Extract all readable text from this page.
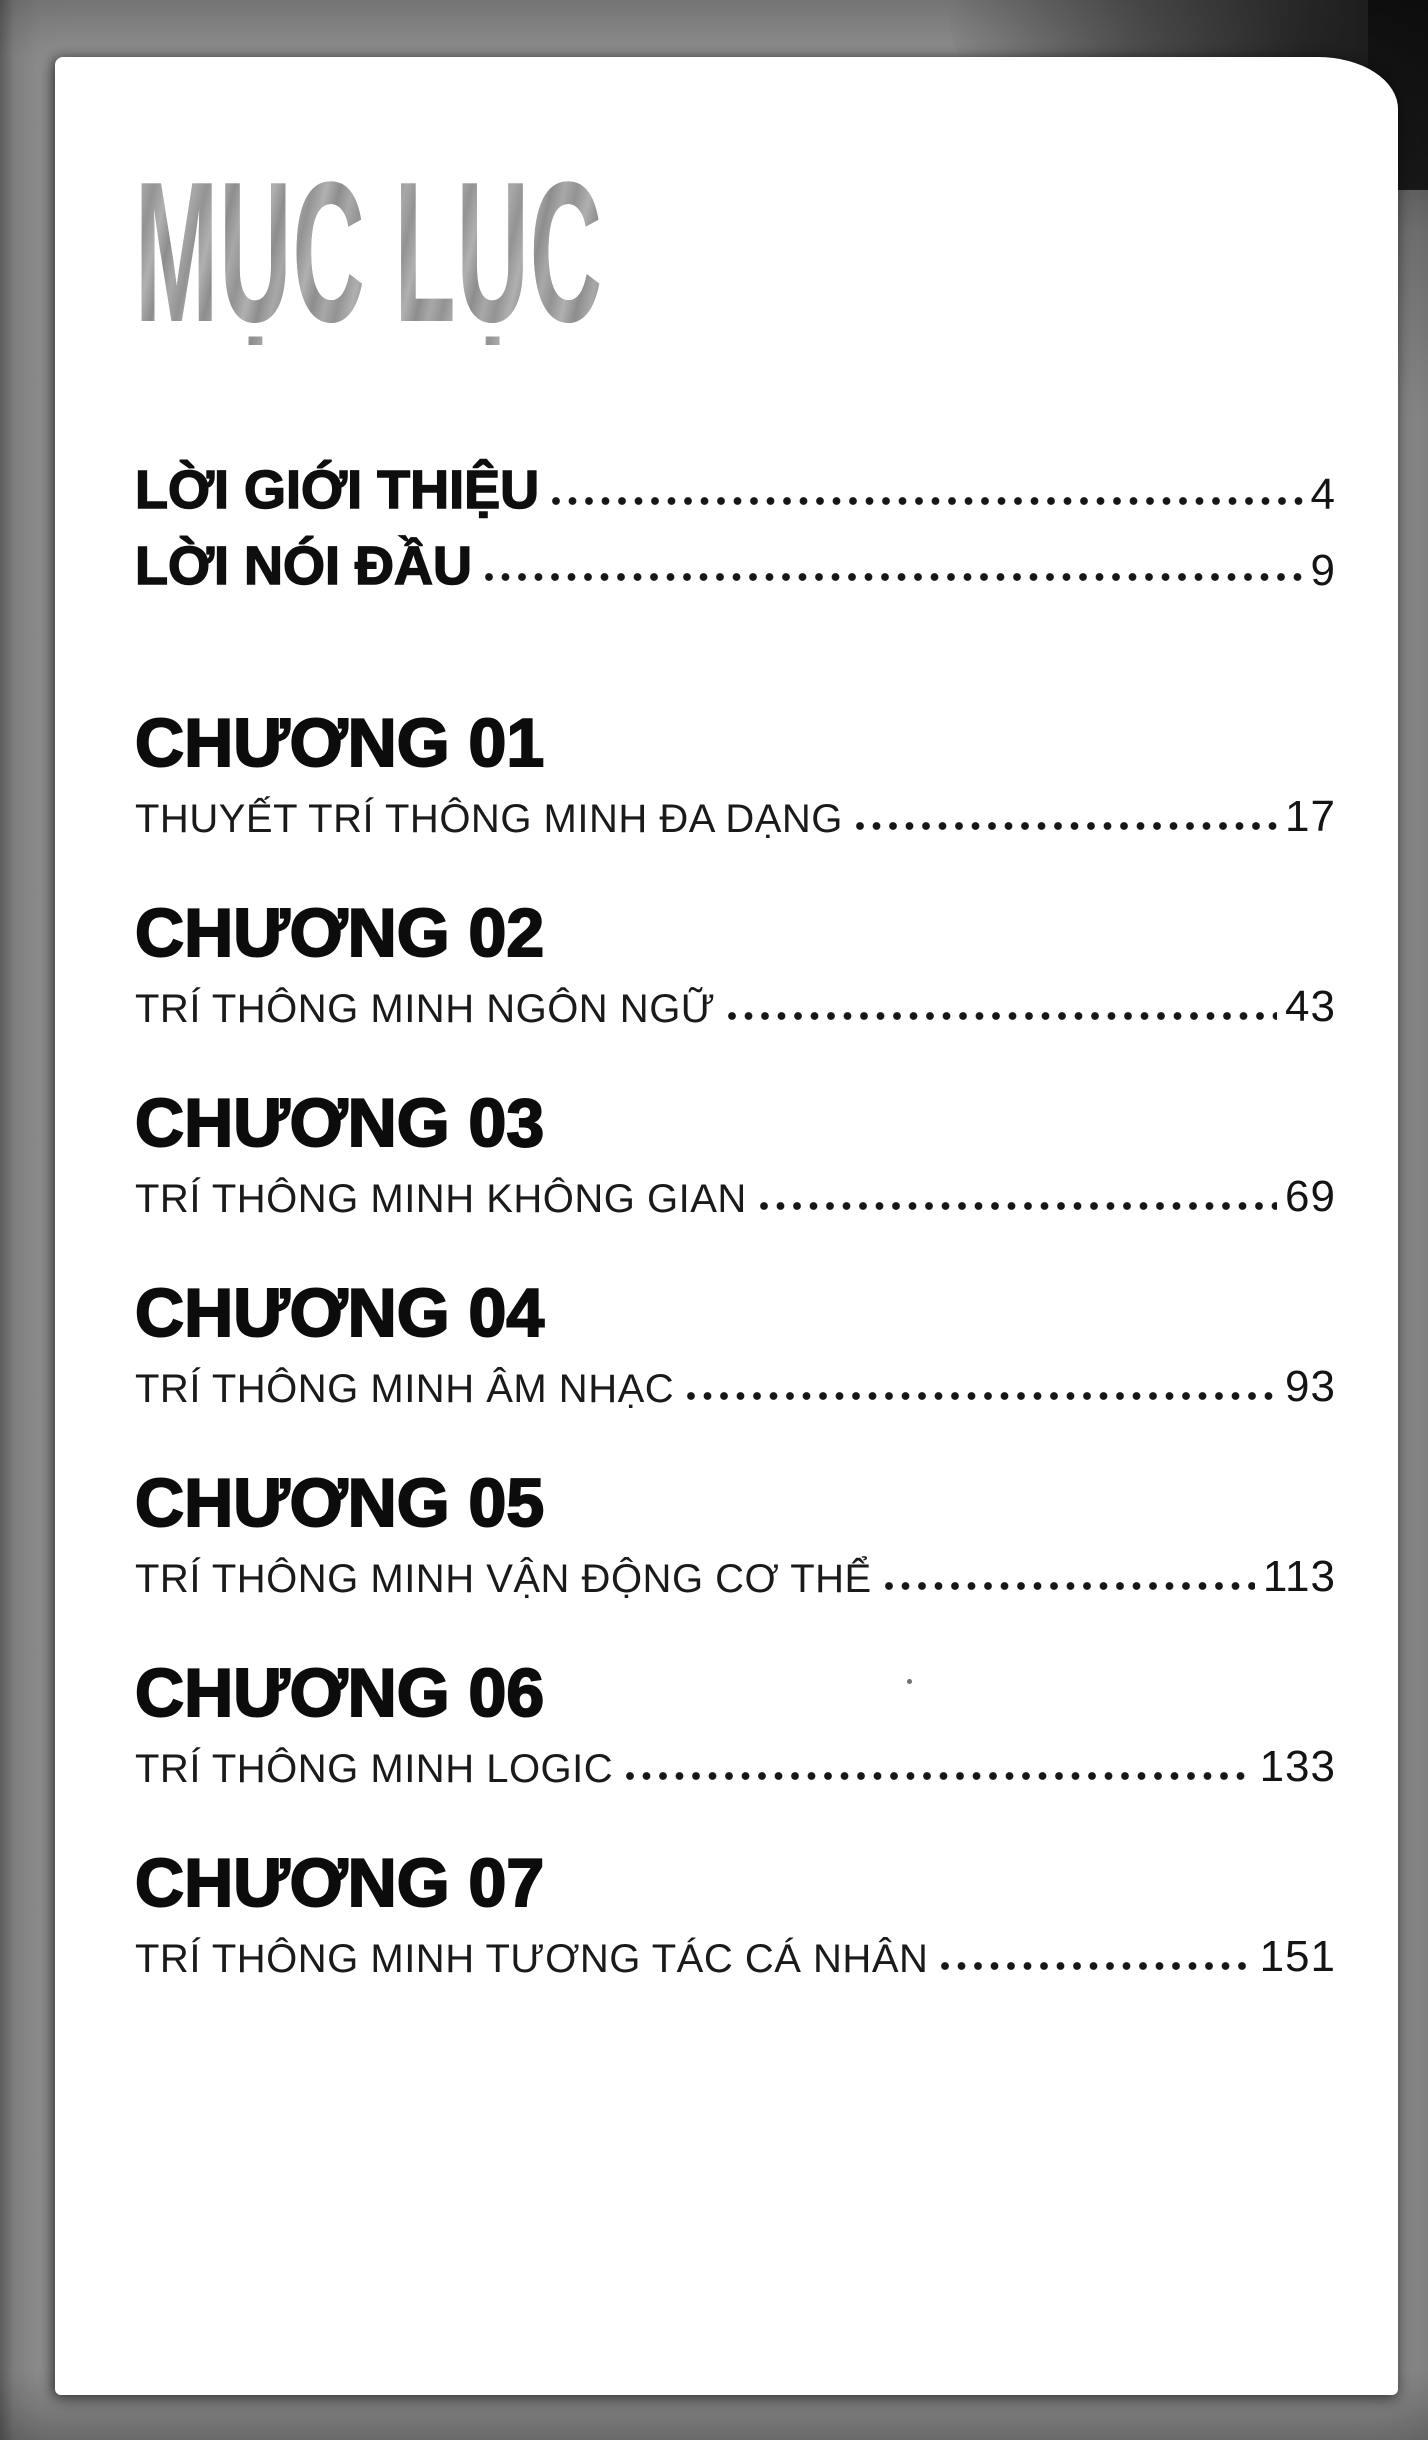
MỤC LỤC
LỜI GIỚI THIỆU	4
LỜI NÓI ĐẦU	9
CHƯƠNG 01
THUYẾT TRÍ THÔNG MINH ĐA DẠNG	17
CHƯƠNG 02
TRÍ THÔNG MINH NGÔN NGỮ	43
CHƯƠNG 03
TRÍ THÔNG MINH KHÔNG GIAN	69
CHƯƠNG 04
TRÍ THÔNG MINH ÂM NHẠC	93
CHƯƠNG 05
TRÍ THÔNG MINH VẬN ĐỘNG CƠ THỂ	113
CHƯƠNG 06
TRÍ THÔNG MINH LOGIC	133
CHƯƠNG 07
TRÍ THÔNG MINH TƯƠNG TÁC CÁ NHÂN	151
